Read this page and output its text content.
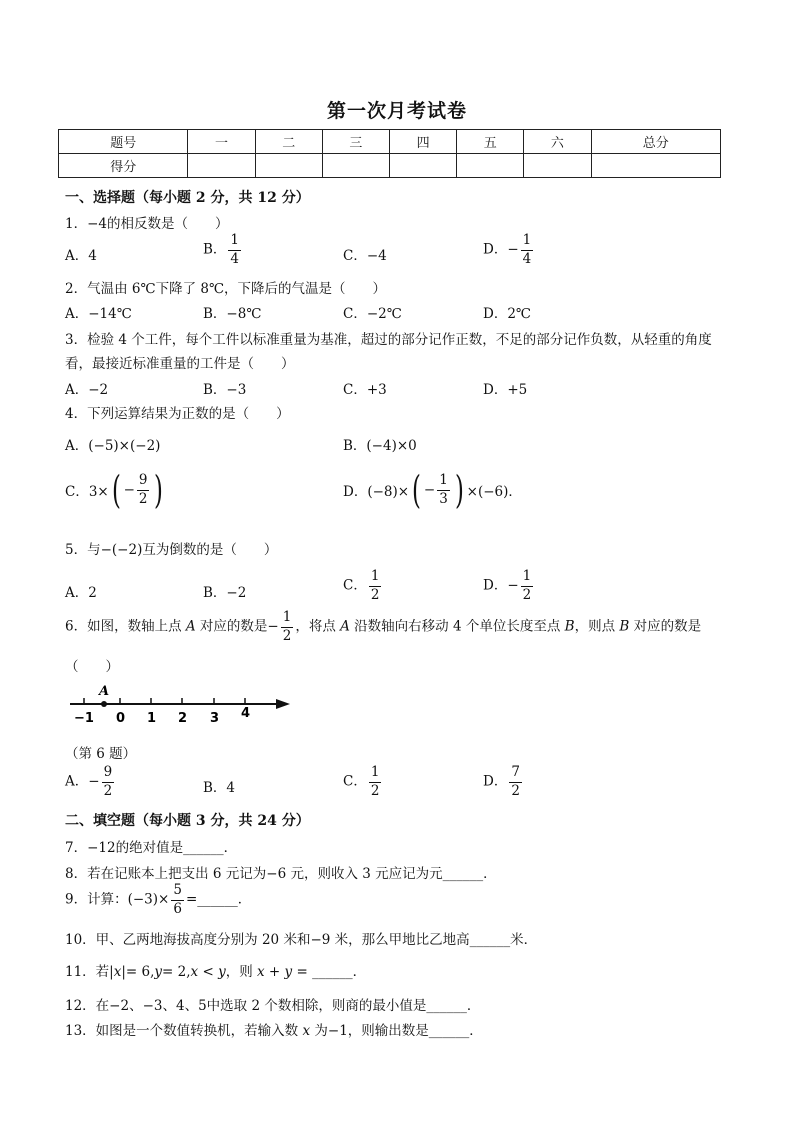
第一次月考试卷
题号	一	二	三	四	五	六	总分
得分							
一、选择题（每小题 2 分，共 12 分）
1．−4的相反数是（　　）
A．4	B． $\frac{1}{4}$	C．−4	D．− $\frac{1}{4}$
2．气温由 6℃下降了 8℃，下降后的气温是（　　）
A．−14℃	B．−8℃	C．−2℃	D．2℃
3．检验 4 个工件，每个工件以标准重量为基准，超过的部分记作正数，不足的部分记作负数，从轻重的角度
看，最接近标准重量的工件是（　　）
A．−2	B．−3	C．+3	D．+5
4．下列运算结果为正数的是（　　）
A．(−5)×(−2)	B．(−4)×0
C．$3\times( - \frac{9}{2}$ )	D．$(-8)\times( - \frac{1}{3}$ ) ×(−6)．
5．与−(−2)互为倒数的是（　　）
A．2	B．−2	C． $\frac{1}{2}$	D．− $\frac{1}{2}$
6．如图，数轴上点 A 对应的数是− $\frac{1}{2}$ ，将点 A 沿数轴向右移动 4 个单位长度至点 B，则点 B 对应的数是
（　　）
A
−1 0 1 2 3 4
（第 6 题）
A．− $\frac{9}{2}$	B．4	C． $\frac{1}{2}$	D． $\frac{7}{2}$
二、填空题（每小题 3 分，共 24 分）
7．−12的绝对值是______．
8．若在记账本上把支出 6 元记为−6 元，则收入 3 元应记为元______．
9．计算：$(-3)\times \frac{5}{6}$ =______．
10．甲、乙两地海拔高度分别为 20 米和−9 米，那么甲地比乙地高______米．
11．若|x|= 6,y= 2,x < y，则 x + y = ______．
12．在−2、−3、4、5中选取 2 个数相除，则商的最小值是______．
13．如图是一个数值转换机，若输入数 x 为−1，则输出数是______．
